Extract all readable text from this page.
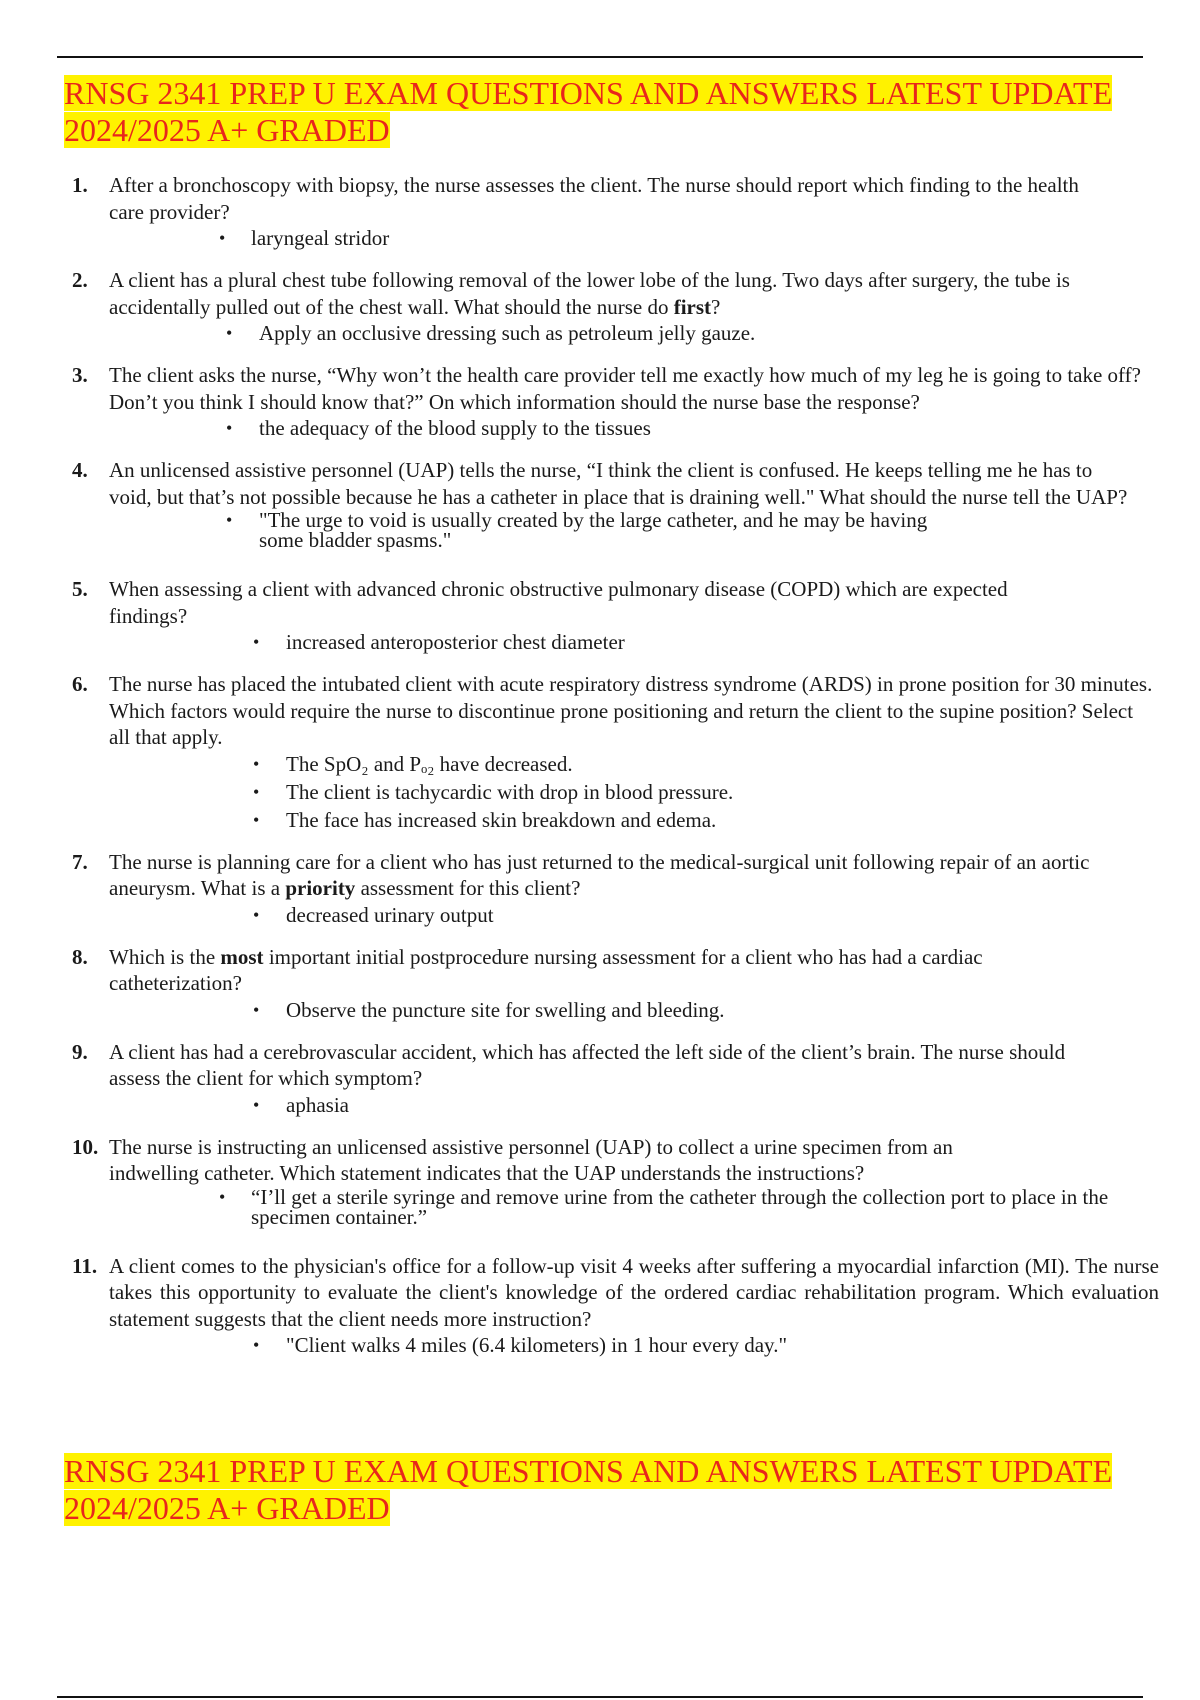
RNSG 2341 PREP U EXAM QUESTIONS AND ANSWERS LATEST UPDATE
2024/2025 A+ GRADED
1. After a bronchoscopy with biopsy, the nurse assesses the client. The nurse should report which finding to the health care provider?
•	laryngeal stridor
2. A client has a plural chest tube following removal of the lower lobe of the lung. Two days after surgery, the tube is accidentally pulled out of the chest wall. What should the nurse do first?
•	Apply an occlusive dressing such as petroleum jelly gauze.
3. The client asks the nurse, “Why won’t the health care provider tell me exactly how much of my leg he is going to take off? Don’t you think I should know that?” On which information should the nurse base the response?
•	the adequacy of the blood supply to the tissues
4. An unlicensed assistive personnel (UAP) tells the nurse, “I think the client is confused. He keeps telling me he has to void, but that’s not possible because he has a catheter in place that is draining well." What should the nurse tell the UAP?
•	"The urge to void is usually created by the large catheter, and he may be having some bladder spasms."
5. When assessing a client with advanced chronic obstructive pulmonary disease (COPD) which are expected findings?
•	increased anteroposterior chest diameter
6. The nurse has placed the intubated client with acute respiratory distress syndrome (ARDS) in prone position for 30 minutes. Which factors would require the nurse to discontinue prone positioning and return the client to the supine position? Select all that apply.
•	The SpO₂ and Pₒ₂ have decreased.
•	The client is tachycardic with drop in blood pressure.
•	The face has increased skin breakdown and edema.
7. The nurse is planning care for a client who has just returned to the medical-surgical unit following repair of an aortic aneurysm. What is a priority assessment for this client?
•	decreased urinary output
8. Which is the most important initial postprocedure nursing assessment for a client who has had a cardiac catheterization?
•	Observe the puncture site for swelling and bleeding.
9. A client has had a cerebrovascular accident, which has affected the left side of the client’s brain. The nurse should assess the client for which symptom?
•	aphasia
10. The nurse is instructing an unlicensed assistive personnel (UAP) to collect a urine specimen from an indwelling catheter. Which statement indicates that the UAP understands the instructions?
•	“I’ll get a sterile syringe and remove urine from the catheter through the collection port to place in the specimen container.”
11. A client comes to the physician's office for a follow-up visit 4 weeks after suffering a myocardial infarction (MI). The nurse takes this opportunity to evaluate the client's knowledge of the ordered cardiac rehabilitation program. Which evaluation statement suggests that the client needs more instruction?
•	"Client walks 4 miles (6.4 kilometers) in 1 hour every day."
RNSG 2341 PREP U EXAM QUESTIONS AND ANSWERS LATEST UPDATE
2024/2025 A+ GRADED
